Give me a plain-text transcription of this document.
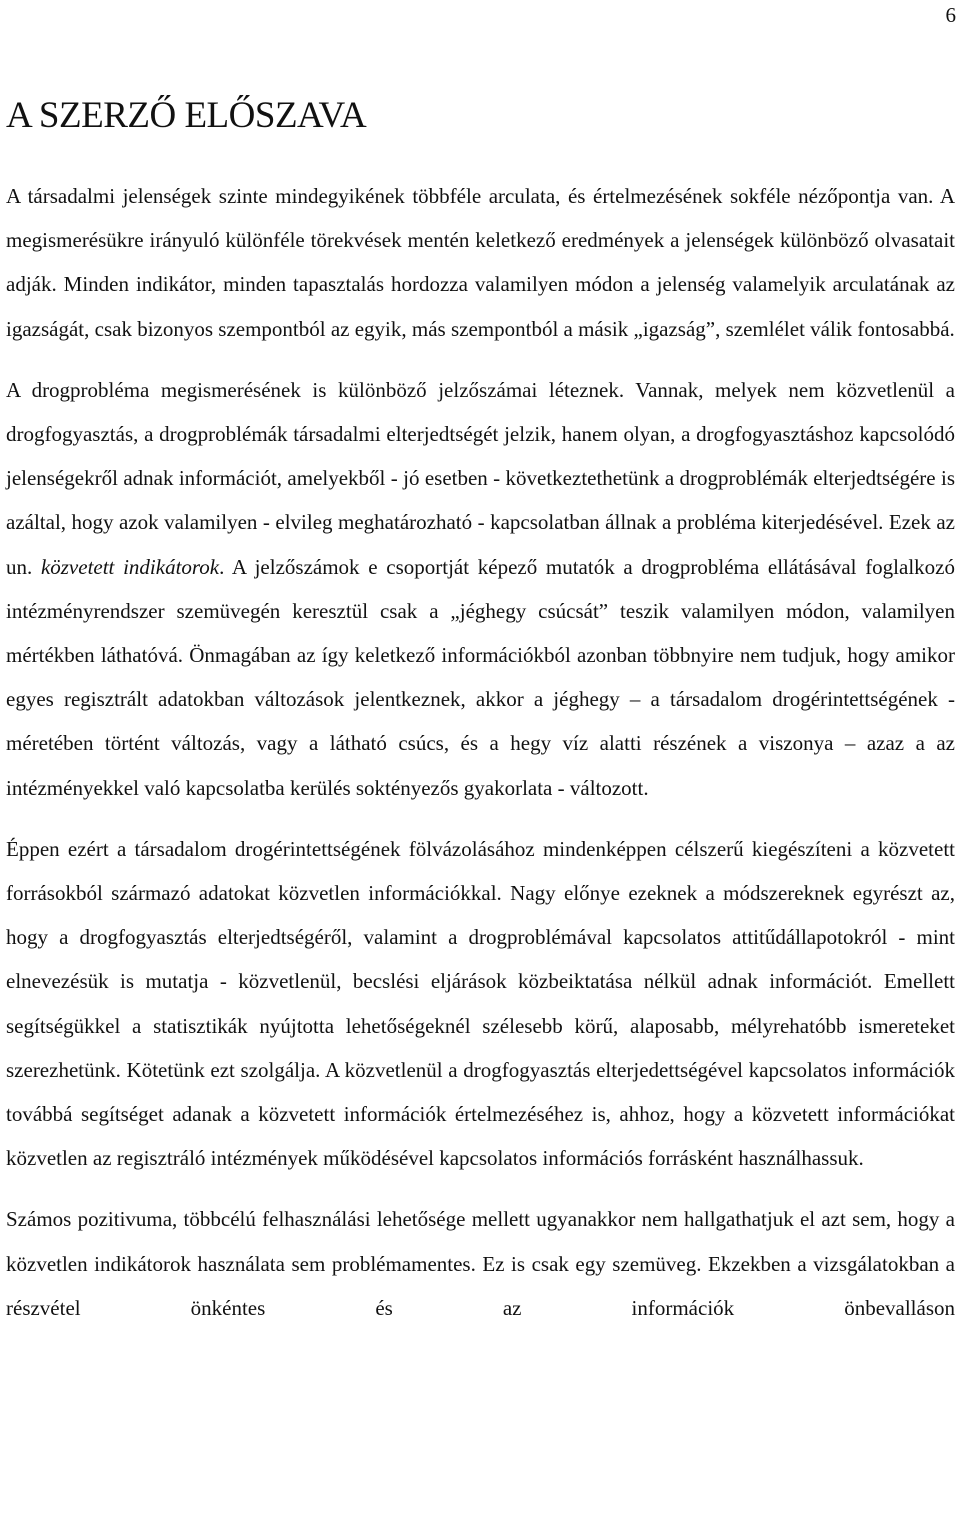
6
A SZERZŐ ELŐSZAVA

A társadalmi jelenségek szinte mindegyikének többféle arculata, és értelmezésének sokféle nézőpontja van. A megismerésükre irányuló különféle törekvések mentén keletkező eredmények a jelenségek különböző olvasatait adják. Minden indikátor, minden tapasztalás hordozza valamilyen módon a jelenség valamelyik arculatának az igazságát, csak bizonyos szempontból az egyik, más szempontból a másik „igazság”, szemlélet válik fontosabbá.

A drogprobléma megismerésének is különböző jelzőszámai léteznek. Vannak, melyek nem közvetlenül a drogfogyasztás, a drogproblémák társadalmi elterjedtségét jelzik, hanem olyan, a drogfogyasztáshoz kapcsolódó jelenségekről adnak információt, amelyekből - jó esetben - következtethetünk a drogproblémák elterjedtségére is azáltal, hogy azok valamilyen - elvileg meghatározható - kapcsolatban állnak a probléma kiterjedésével. Ezek az un. közvetett indikátorok. A jelzőszámok e csoportját képező mutatók a drogprobléma ellátásával foglalkozó intézményrendszer szemüvegén keresztül csak a „jéghegy csúcsát” teszik valamilyen módon, valamilyen mértékben láthatóvá. Önmagában az így keletkező információkból azonban többnyire nem tudjuk, hogy amikor egyes regisztrált adatokban változások jelentkeznek, akkor a jéghegy – a társadalom drogérintettségének - méretében történt változás, vagy a látható csúcs, és a hegy víz alatti részének a viszonya – azaz a az intézményekkel való kapcsolatba kerülés soktényezős gyakorlata - változott.

Éppen ezért a társadalom drogérintettségének fölvázolásához mindenképpen célszerű kiegészíteni a közvetett forrásokból származó adatokat közvetlen információkkal. Nagy előnye ezeknek a módszereknek egyrészt az, hogy a drogfogyasztás elterjedtségéről, valamint a drogproblémával kapcsolatos attitűdállapotokról - mint elnevezésük is mutatja - közvetlenül, becslési eljárások közbeiktatása nélkül adnak információt. Emellett segítségükkel a statisztikák nyújtotta lehetőségeknél szélesebb körű, alaposabb, mélyrehatóbb ismereteket szerezhetünk. Kötetünk ezt szolgálja. A közvetlenül a drogfogyasztás elterjedettségével kapcsolatos információk továbbá segítséget adanak a közvetett információk értelmezéséhez is, ahhoz, hogy a közvetett információkat közvetlen az regisztráló intézmények működésével kapcsolatos információs forrásként használhassuk.

Számos pozitivuma, többcélú felhasználási lehetősége mellett ugyanakkor nem hallgathatjuk el azt sem, hogy a közvetlen indikátorok használata sem problémamentes. Ez is csak egy szemüveg. Ekzekben a vizsgálatokban a részvétel önkéntes és az információk önbevalláson
